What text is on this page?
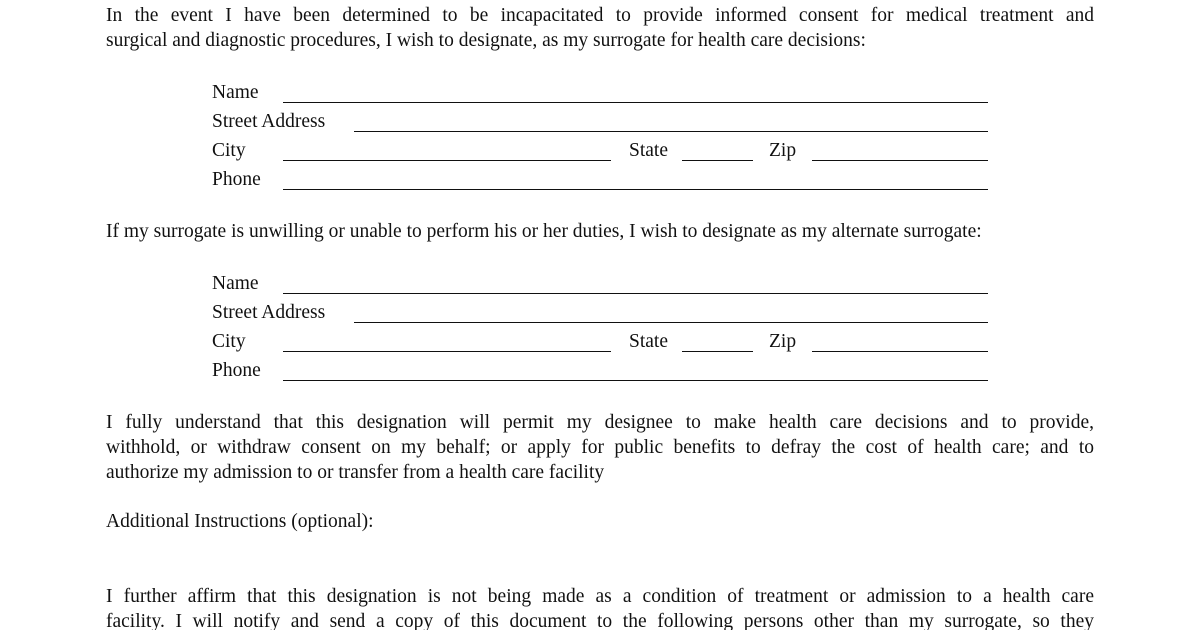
In the event I have been determined to be incapacitated to provide informed consent for medical treatment and
surgical and diagnostic procedures, I wish to designate, as my surrogate for health care decisions:
Name
Street Address
City	State	Zip
Phone
If my surrogate is unwilling or unable to perform his or her duties, I wish to designate as my alternate surrogate:
Name
Street Address
City	State	Zip
Phone
I fully understand that this designation will permit my designee to make health care decisions and to provide,
withhold, or withdraw consent on my behalf; or apply for public benefits to defray the cost of health care; and to
authorize my admission to or transfer from a health care facility
Additional Instructions (optional):
I further affirm that this designation is not being made as a condition of treatment or admission to a health care
facility. I will notify and send a copy of this document to the following persons other than my surrogate, so they
